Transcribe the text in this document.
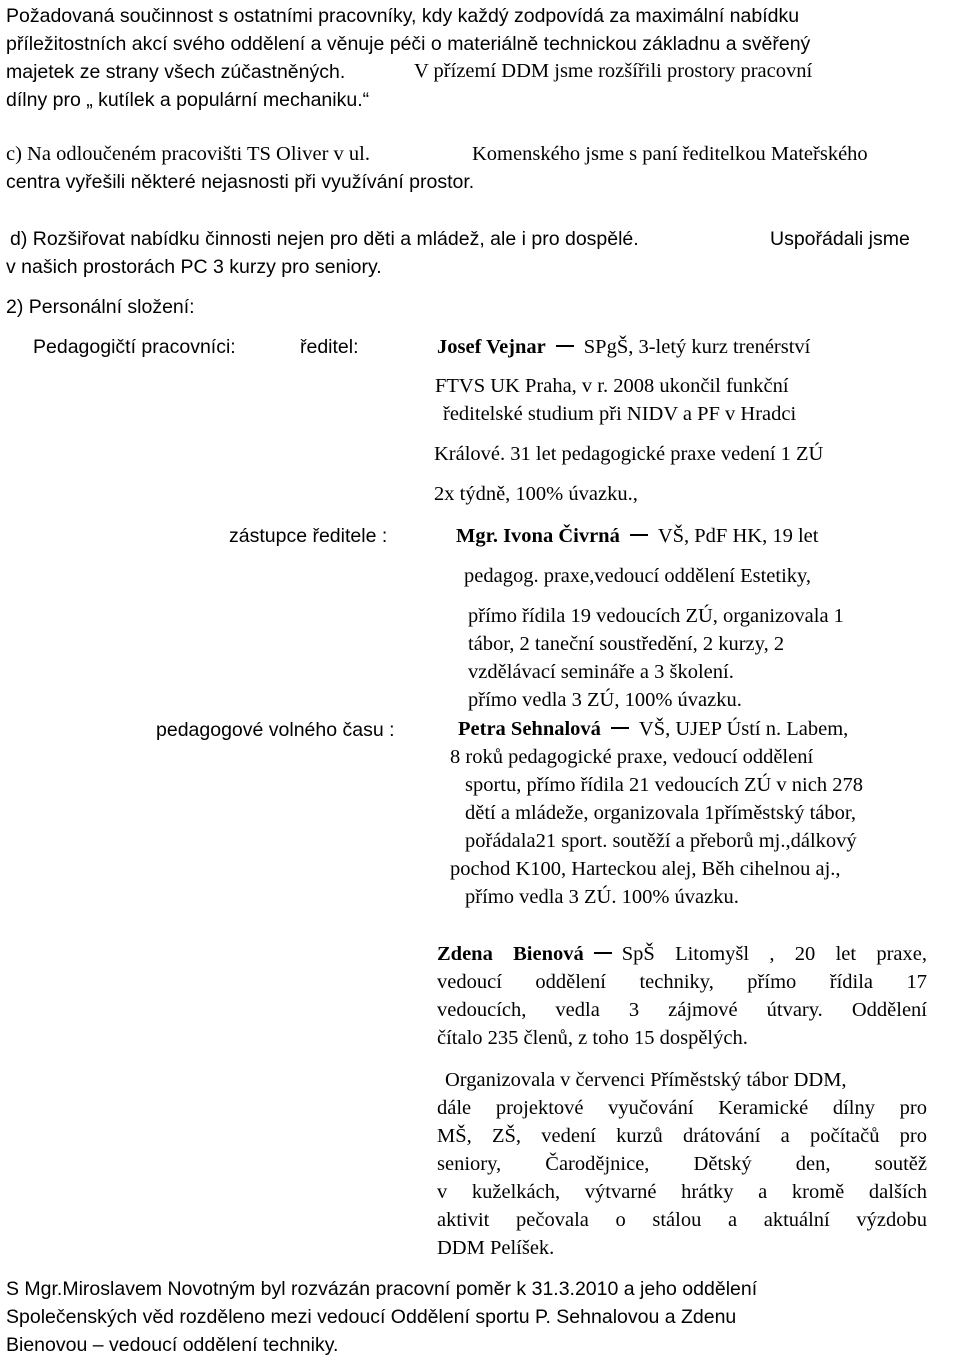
Požadovaná součinnost s ostatními pracovníky, kdy každý zodpovídá za maximální nabídku
příležitostních akcí svého oddělení a věnuje péči o materiálně technickou základnu a svěřený
majetek ze strany všech zúčastněných.	V přízemí DDM jsme rozšířili prostory pracovní
dílny pro „ kutílek a populární mechaniku.“
c) Na odloučeném pracovišti TS Oliver v ul.	Komenského jsme s paní ředitelkou Mateřského
centra vyřešili některé nejasnosti při využívání prostor.
d) Rozšiřovat nabídku činnosti nejen pro děti a mládež, ale i pro dospělé.	Uspořádali jsme
v našich prostorách PC 3 kurzy pro seniory.
2) Personální složení:
Pedagogičtí pracovníci:	ředitel:	Josef Vejnar SPgŠ, 3-letý kurz trenérství
FTVS UK Praha, v r. 2008 ukončil funkční
ředitelské studium při NIDV a PF v Hradci
Králové. 31 let pedagogické praxe vedení 1 ZÚ
2x týdně, 100% úvazku.,
zástupce ředitele :	Mgr. Ivona Čivrná VŠ, PdF HK, 19 let
pedagog. praxe,vedoucí oddělení Estetiky,
přímo řídila 19 vedoucích ZÚ, organizovala 1
tábor, 2 taneční soustředění, 2 kurzy, 2
vzdělávací semináře a 3 školení.
přímo vedla 3 ZÚ, 100% úvazku.
pedagogové volného času :	Petra Sehnalová VŠ, UJEP Ústí n. Labem,
8 roků pedagogické praxe, vedoucí oddělení
sportu, přímo řídila 21 vedoucích ZÚ v nich 278
dětí a mládeže, organizovala 1příměstský tábor,
pořádala21 sport. soutěží a přeborů mj.,dálkový
pochod K100, Harteckou alej, Běh cihelnou aj.,
přímo vedla 3 ZÚ. 100% úvazku.
Zdena Bienová SpŠ Litomyšl , 20 let praxe,
vedoucí oddělení techniky, přímo řídila 17
vedoucích, vedla 3 zájmové útvary. Oddělení
čítalo 235 členů, z toho 15 dospělých.
Organizovala v červenci Příměstský tábor DDM,
dále projektové vyučování Keramické dílny pro
MŠ, ZŠ, vedení kurzů drátování a počítačů pro
seniory, Čarodějnice, Dětský den, soutěž
v kuželkách, výtvarné hrátky a kromě dalších
aktivit pečovala o stálou a aktuální výzdobu
DDM Pelíšek.
S Mgr.Miroslavem Novotným byl rozvázán pracovní poměr k 31.3.2010 a jeho oddělení
Společenských věd rozděleno mezi vedoucí Oddělení sportu P. Sehnalovou a Zdenu
Bienovou – vedoucí oddělení techniky.
